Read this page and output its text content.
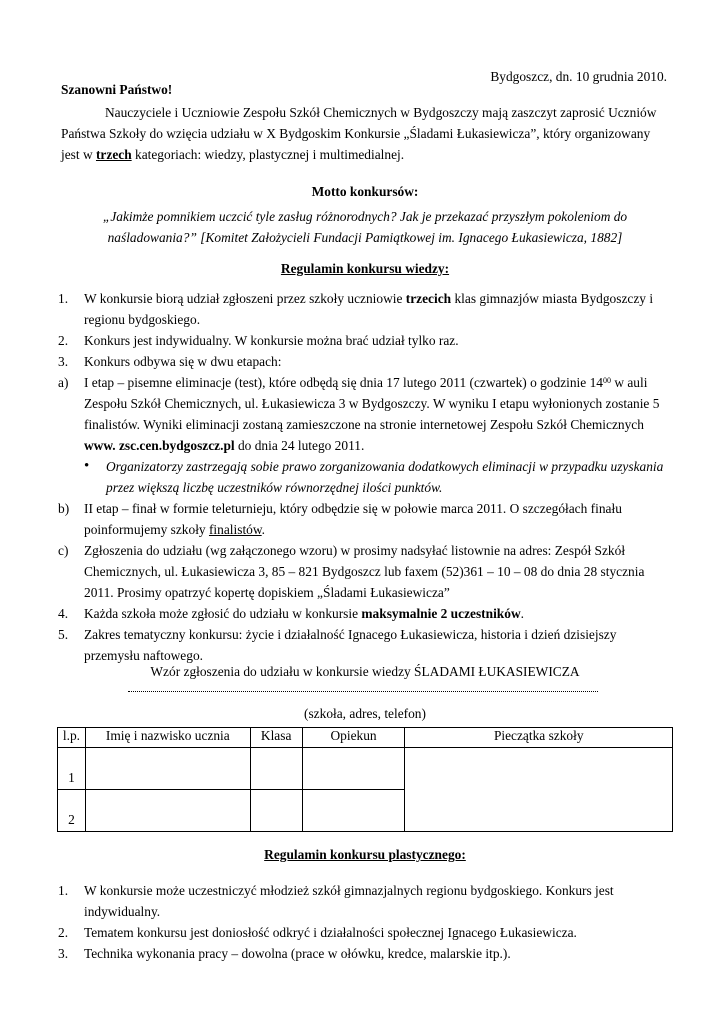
Bydgoszcz, dn. 10 grudnia 2010.
Szanowni Państwo!
Nauczyciele i Uczniowie Zespołu Szkół Chemicznych w Bydgoszczy mają zaszczyt zaprosić Uczniów Państwa Szkoły do wzięcia udziału w X Bydgoskim Konkursie „Śladami Łukasiewicza”, który organizowany jest w trzech kategoriach: wiedzy, plastycznej i multimedialnej.
Motto konkursów:
„Jakimże pomnikiem uczcić tyle zasług różnorodnych? Jak je przekazać przyszłym pokoleniom do
naśladowania?” [Komitet Założycieli Fundacji Pamiątkowej im. Ignacego Łukasiewicza, 1882]
Regulamin konkursu wiedzy:
1. W konkursie biorą udział zgłoszeni przez szkoły uczniowie trzecich klas gimnazjów miasta Bydgoszczy i regionu bydgoskiego.
2. Konkurs jest indywidualny. W konkursie można brać udział tylko raz.
3. Konkurs odbywa się w dwu etapach:
a) I etap – pisemne eliminacje (test), które odbędą się dnia 17 lutego 2011 (czwartek) o godzinie $14^{00}$ w auli Zespołu Szkół Chemicznych, ul. Łukasiewicza 3 w Bydgoszczy. W wyniku I etapu wyłonionych zostanie 5 finalistów. Wyniki eliminacji zostaną zamieszczone na stronie internetowej Zespołu Szkół Chemicznych www. zsc.cen.bydgoszcz.pl do dnia 24 lutego 2011.
• Organizatorzy zastrzegają sobie prawo zorganizowania dodatkowych eliminacji w przypadku uzyskania przez większą liczbę uczestników równorzędnej ilości punktów.
b) II etap – finał w formie teleturnieju, który odbędzie się w połowie marca 2011. O szczegółach finału poinformujemy szkoły finalistów.
c) Zgłoszenia do udziału (wg załączonego wzoru) w prosimy nadsyłać listownie na adres: Zespół Szkół Chemicznych, ul. Łukasiewicza 3, 85 – 821 Bydgoszcz lub faxem (52)361 – 10 – 08 do dnia 28 stycznia 2011. Prosimy opatrzyć kopertę dopiskiem „Śladami Łukasiewicza”
4. Każda szkoła może zgłosić do udziału w konkursie maksymalnie 2 uczestników.
5. Zakres tematyczny konkursu: życie i działalność Ignacego Łukasiewicza, historia i dzień dzisiejszy przemysłu naftowego.
Wzór zgłoszenia do udziału w konkursie wiedzy ŚLADAMI ŁUKASIEWICZA
(szkoła, adres, telefon)
l.p.	Imię i nazwisko ucznia	Klasa	Opiekun	Pieczątka szkoły
1				
2				
Regulamin konkursu plastycznego:
1. W konkursie może uczestniczyć młodzież szkół gimnazjalnych regionu bydgoskiego. Konkurs jest indywidualny.
2. Tematem konkursu jest doniosłość odkryć i działalności społecznej Ignacego Łukasiewicza.
3. Technika wykonania pracy – dowolna (prace w ołówku, kredce, malarskie itp.).
